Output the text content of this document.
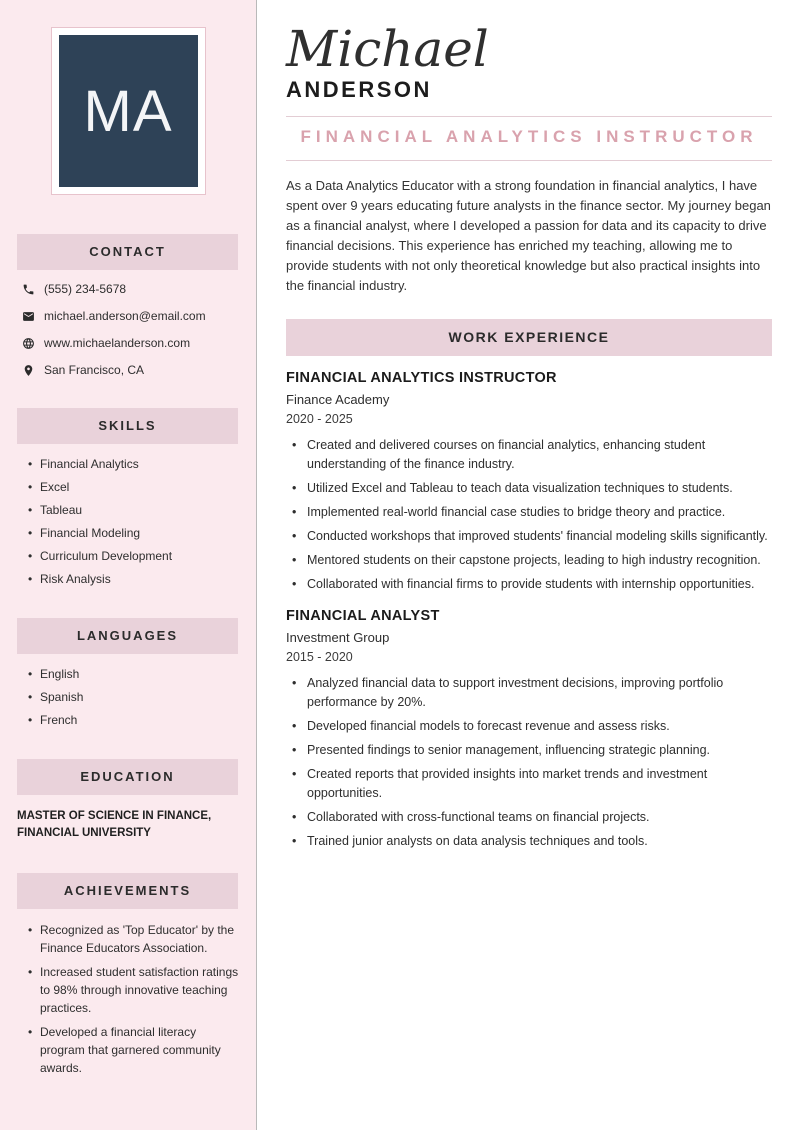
MA
CONTACT
(555) 234-5678
michael.anderson@email.com
www.michaelanderson.com
San Francisco, CA
SKILLS
• Financial Analytics
• Excel
• Tableau
• Financial Modeling
• Curriculum Development
• Risk Analysis
LANGUAGES
• English
• Spanish
• French
EDUCATION
MASTER OF SCIENCE IN FINANCE, FINANCIAL UNIVERSITY
ACHIEVEMENTS
• Recognized as 'Top Educator' by the Finance Educators Association.
• Increased student satisfaction ratings to 98% through innovative teaching practices.
• Developed a financial literacy program that garnered community awards.
Michael
ANDERSON
FINANCIAL ANALYTICS INSTRUCTOR

As a Data Analytics Educator with a strong foundation in financial analytics, I have spent over 9 years educating future analysts in the finance sector. My journey began as a financial analyst, where I developed a passion for data and its capacity to drive financial decisions. This experience has enriched my teaching, allowing me to provide students with not only theoretical knowledge but also practical insights into the financial industry.

WORK EXPERIENCE
FINANCIAL ANALYTICS INSTRUCTOR
Finance Academy
2020 - 2025
• Created and delivered courses on financial analytics, enhancing student understanding of the finance industry.
• Utilized Excel and Tableau to teach data visualization techniques to students.
• Implemented real-world financial case studies to bridge theory and practice.
• Conducted workshops that improved students' financial modeling skills significantly.
• Mentored students on their capstone projects, leading to high industry recognition.
• Collaborated with financial firms to provide students with internship opportunities.
FINANCIAL ANALYST
Investment Group
2015 - 2020
• Analyzed financial data to support investment decisions, improving portfolio performance by 20%.
• Developed financial models to forecast revenue and assess risks.
• Presented findings to senior management, influencing strategic planning.
• Created reports that provided insights into market trends and investment opportunities.
• Collaborated with cross-functional teams on financial projects.
• Trained junior analysts on data analysis techniques and tools.
